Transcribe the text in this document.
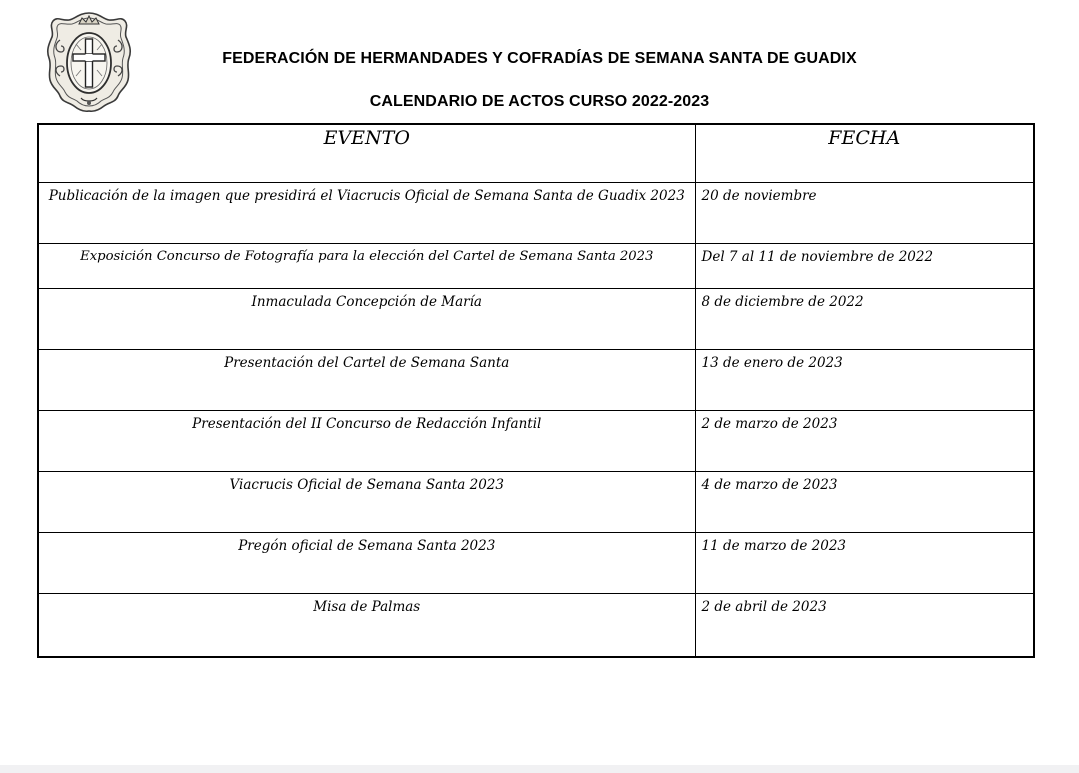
FEDERACIÓN DE HERMANDADES Y COFRADÍAS DE SEMANA SANTA DE GUADIX
CALENDARIO DE ACTOS CURSO 2022-2023
EVENTO	FECHA
Publicación de la imagen que presidirá el Viacrucis Oficial de Semana Santa de Guadix 2023	20 de noviembre
Exposición Concurso de Fotografía para la elección del Cartel de Semana Santa 2023	Del 7 al 11 de noviembre de 2022
Inmaculada Concepción de María	8 de diciembre de 2022
Presentación del Cartel de Semana Santa	13 de enero de 2023
Presentación del II Concurso de Redacción Infantil	2 de marzo de 2023
Viacrucis Oficial de Semana Santa 2023	4 de marzo de 2023
Pregón oficial de Semana Santa 2023	11 de marzo de 2023
Misa de Palmas	2 de abril de 2023
